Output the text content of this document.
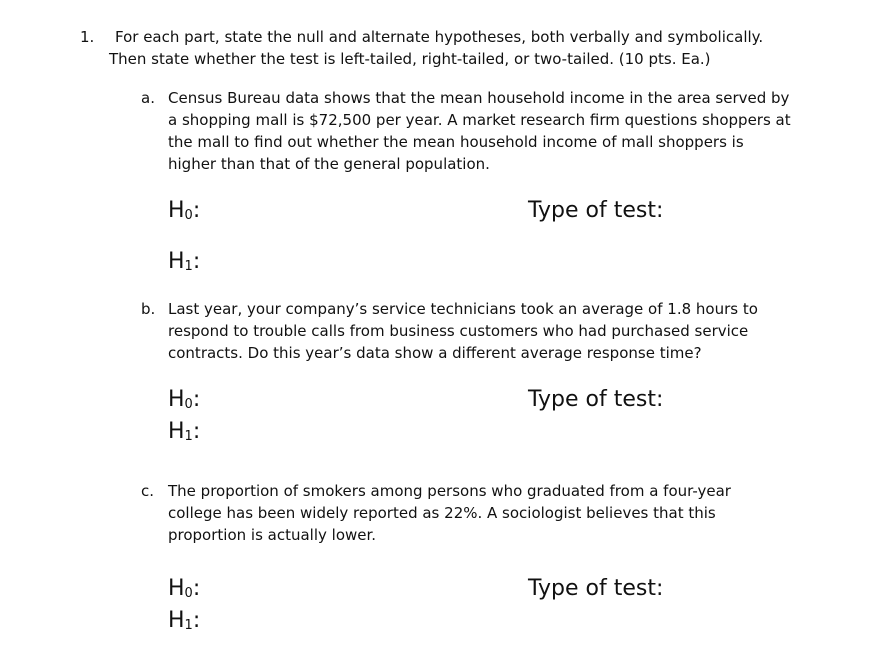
1. For each part, state the null and alternate hypotheses, both verbally and symbolically.
Then state whether the test is left-tailed, right-tailed, or two-tailed. (10 pts. Ea.)
a. Census Bureau data shows that the mean household income in the area served by
a shopping mall is $72,500 per year. A market research firm questions shoppers at
the mall to find out whether the mean household income of mall shoppers is
higher than that of the general population.
$H_0$:	Type of test:
$H_1$:
b. Last year, your company’s service technicians took an average of 1.8 hours to
respond to trouble calls from business customers who had purchased service
contracts. Do this year’s data show a different average response time?
$H_0$:	Type of test:
$H_1$:
c. The proportion of smokers among persons who graduated from a four-year
college has been widely reported as 22%. A sociologist believes that this
proportion is actually lower.
$H_0$:	Type of test:
$H_1$:
